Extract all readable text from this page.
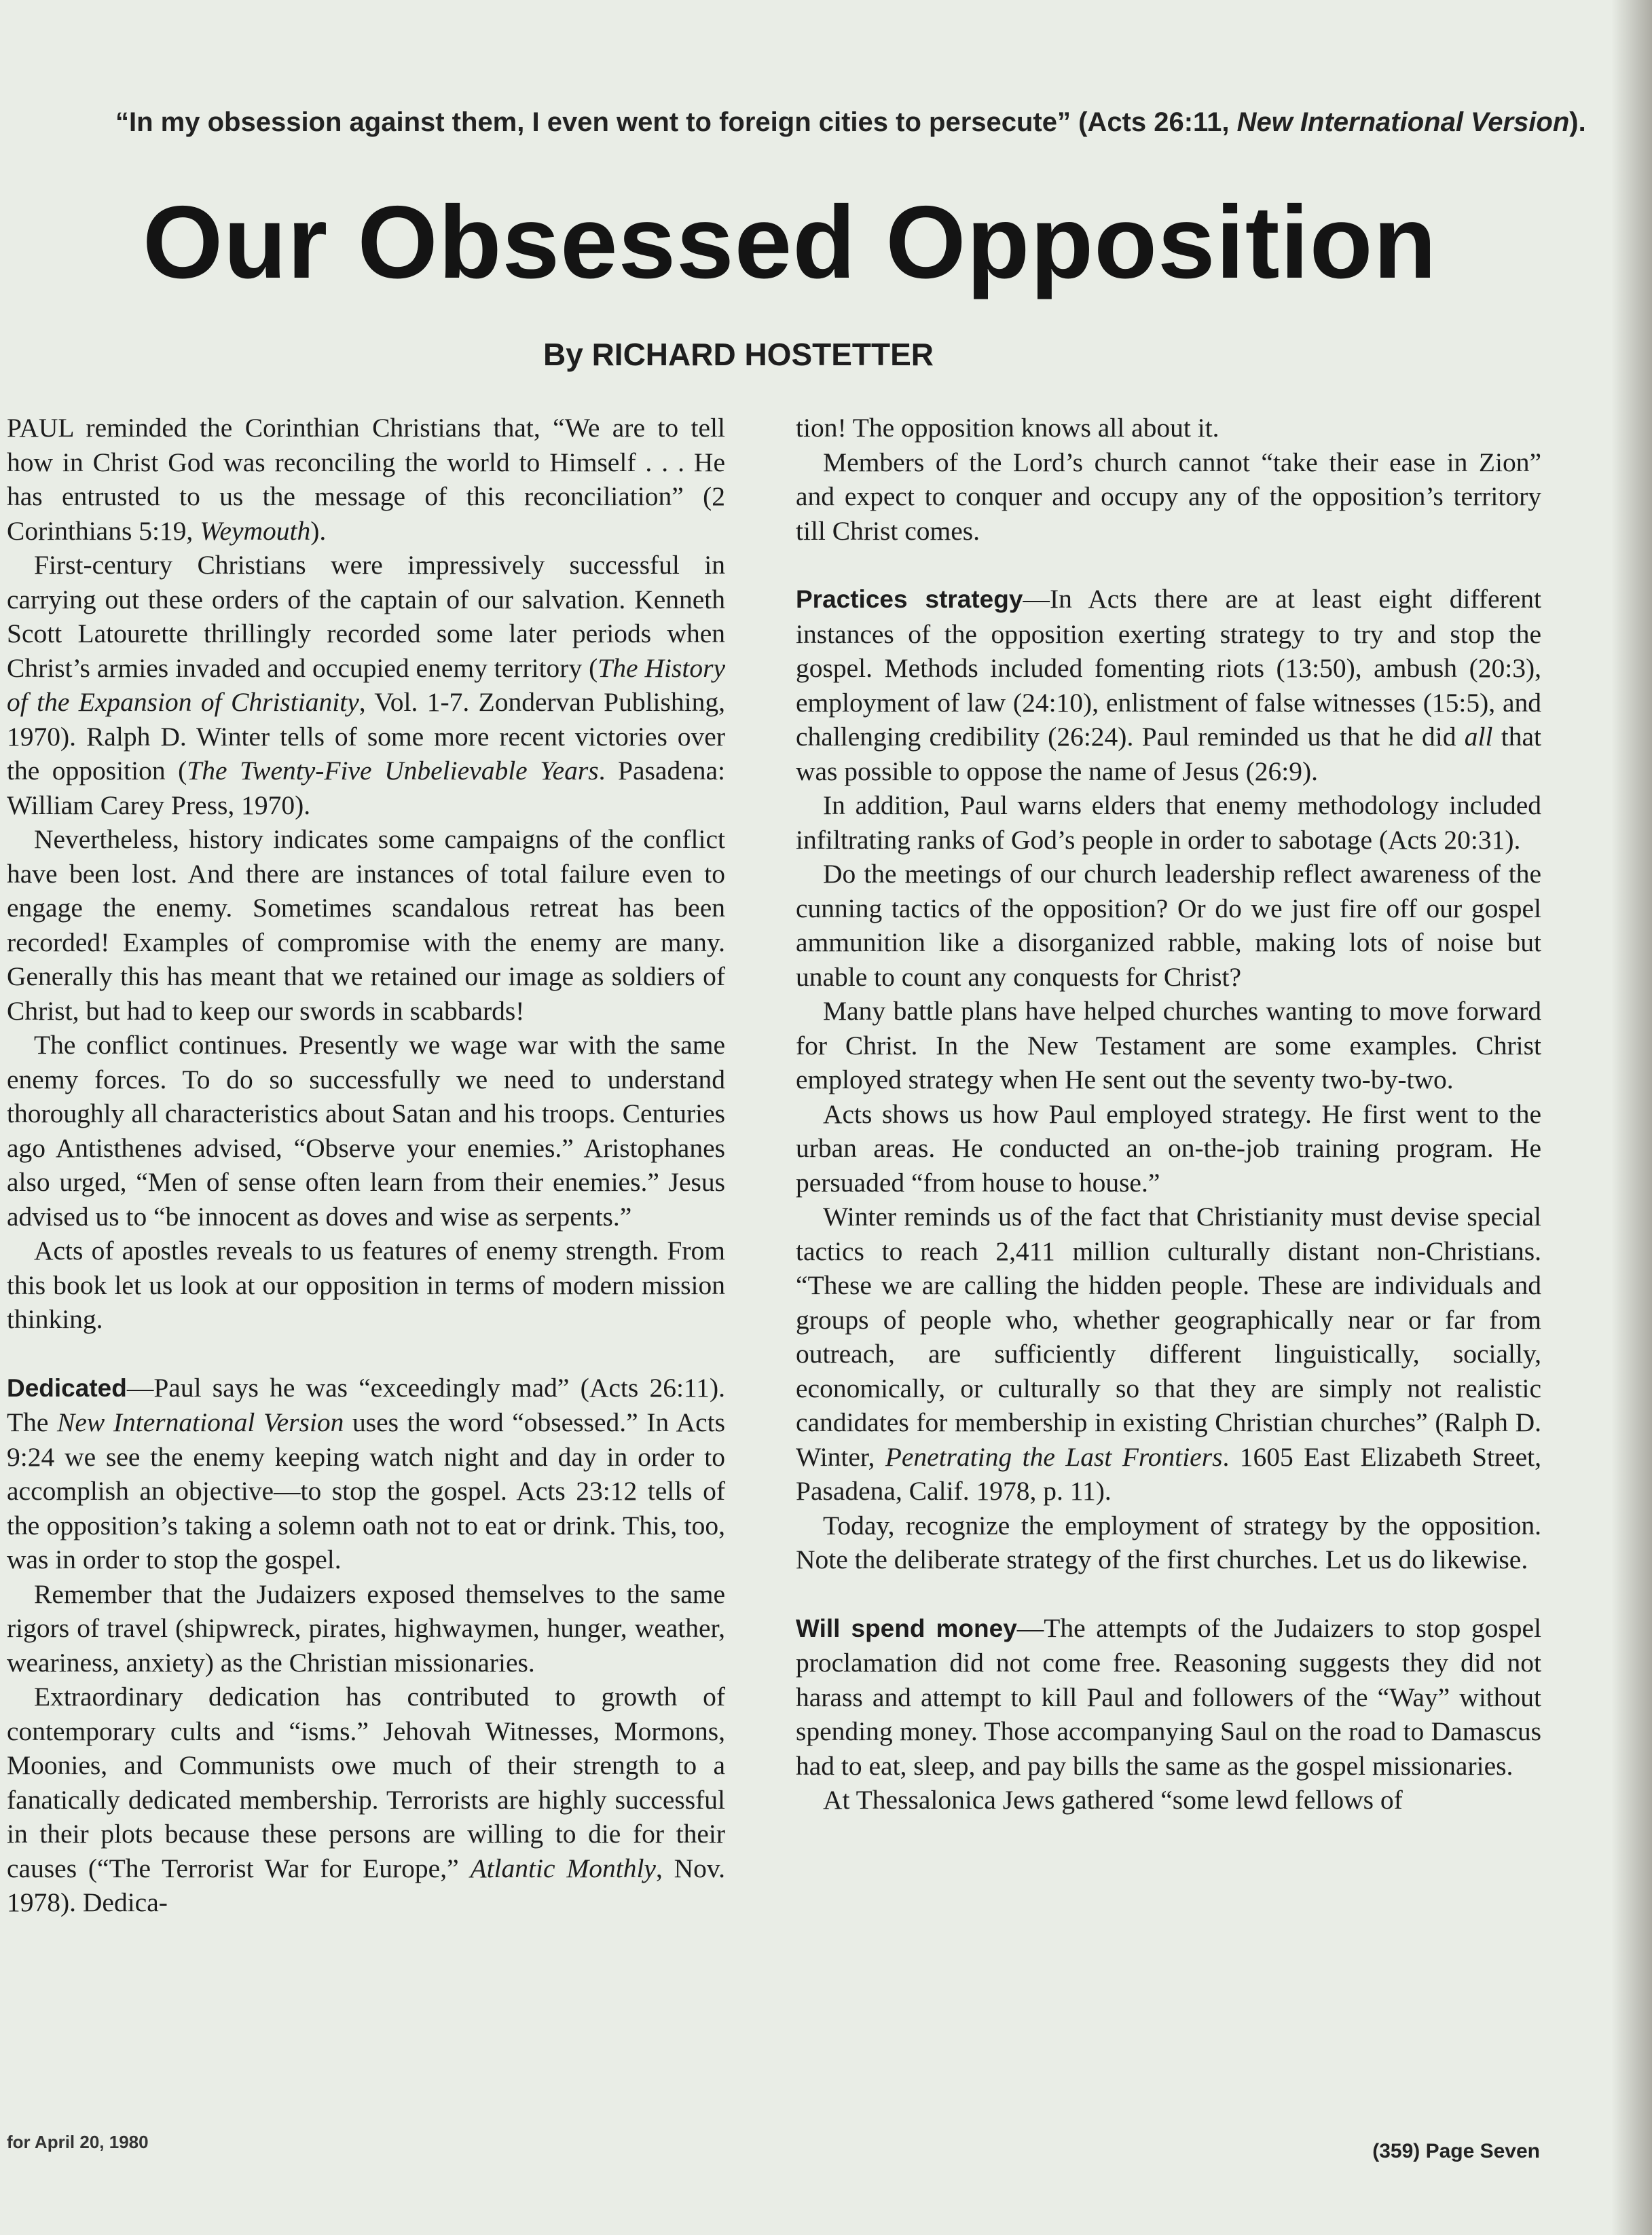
“In my obsession against them, I even went to foreign cities to persecute” (Acts 26:11, New International Version).
Our Obsessed Opposition
By RICHARD HOSTETTER

PAUL reminded the Corinthian Christians that, “We are to tell how in Christ God was reconciling the world to Himself . . . He has entrusted to us the message of this reconciliation” (2 Corinthians 5:19, Weymouth).

First-century Christians were impressively successful in carrying out these orders of the captain of our salvation. Kenneth Scott Latourette thrillingly recorded some later periods when Christ’s armies invaded and occupied enemy territory (The History of the Expansion of Christianity, Vol. 1-7. Zondervan Publishing, 1970). Ralph D. Winter tells of some more recent victories over the opposition (The Twenty-Five Unbelievable Years. Pasadena: William Carey Press, 1970).

Nevertheless, history indicates some campaigns of the conflict have been lost. And there are instances of total failure even to engage the enemy. Sometimes scandalous retreat has been recorded! Examples of compromise with the enemy are many. Generally this has meant that we retained our image as soldiers of Christ, but had to keep our swords in scabbards!

The conflict continues. Presently we wage war with the same enemy forces. To do so successfully we need to understand thoroughly all characteristics about Satan and his troops. Centuries ago Antisthenes advised, “Observe your enemies.” Aristophanes also urged, “Men of sense often learn from their enemies.” Jesus advised us to “be innocent as doves and wise as serpents.”

Acts of apostles reveals to us features of enemy strength. From this book let us look at our opposition in terms of modern mission thinking.

Dedicated—Paul says he was “exceedingly mad” (Acts 26:11). The New International Version uses the word “obsessed.” In Acts 9:24 we see the enemy keeping watch night and day in order to accomplish an objective—to stop the gospel. Acts 23:12 tells of the opposition’s taking a solemn oath not to eat or drink. This, too, was in order to stop the gospel.

Remember that the Judaizers exposed themselves to the same rigors of travel (shipwreck, pirates, highwaymen, hunger, weather, weariness, anxiety) as the Christian missionaries.

Extraordinary dedication has contributed to growth of contemporary cults and “isms.” Jehovah Witnesses, Mormons, Moonies, and Communists owe much of their strength to a fanatically dedicated membership. Terrorists are highly successful in their plots because these persons are willing to die for their causes (“The Terrorist War for Europe,” Atlantic Monthly, Nov. 1978). Dedica-

tion! The opposition knows all about it.

Members of the Lord’s church cannot “take their ease in Zion” and expect to conquer and occupy any of the opposition’s territory till Christ comes.

Practices strategy—In Acts there are at least eight different instances of the opposition exerting strategy to try and stop the gospel. Methods included fomenting riots (13:50), ambush (20:3), employment of law (24:10), enlistment of false witnesses (15:5), and challenging credibility (26:24). Paul reminded us that he did all that was possible to oppose the name of Jesus (26:9).

In addition, Paul warns elders that enemy methodology included infiltrating ranks of God’s people in order to sabotage (Acts 20:31).

Do the meetings of our church leadership reflect awareness of the cunning tactics of the opposition? Or do we just fire off our gospel ammunition like a disorganized rabble, making lots of noise but unable to count any conquests for Christ?

Many battle plans have helped churches wanting to move forward for Christ. In the New Testament are some examples. Christ employed strategy when He sent out the seventy two-by-two.

Acts shows us how Paul employed strategy. He first went to the urban areas. He conducted an on-the-job training program. He persuaded “from house to house.”

Winter reminds us of the fact that Christianity must devise special tactics to reach 2,411 million culturally distant non-Christians. “These we are calling the hidden people. These are individuals and groups of people who, whether geographically near or far from outreach, are sufficiently different linguistically, socially, economically, or culturally so that they are simply not realistic candidates for membership in existing Christian churches” (Ralph D. Winter, Penetrating the Last Frontiers. 1605 East Elizabeth Street, Pasadena, Calif. 1978, p. 11).

Today, recognize the employment of strategy by the opposition. Note the deliberate strategy of the first churches. Let us do likewise.

Will spend money—The attempts of the Judaizers to stop gospel proclamation did not come free. Reasoning suggests they did not harass and attempt to kill Paul and followers of the “Way” without spending money. Those accompanying Saul on the road to Damascus had to eat, sleep, and pay bills the same as the gospel missionaries.

At Thessalonica Jews gathered “some lewd fellows of

for April 20, 1980	(359) Page Seven
